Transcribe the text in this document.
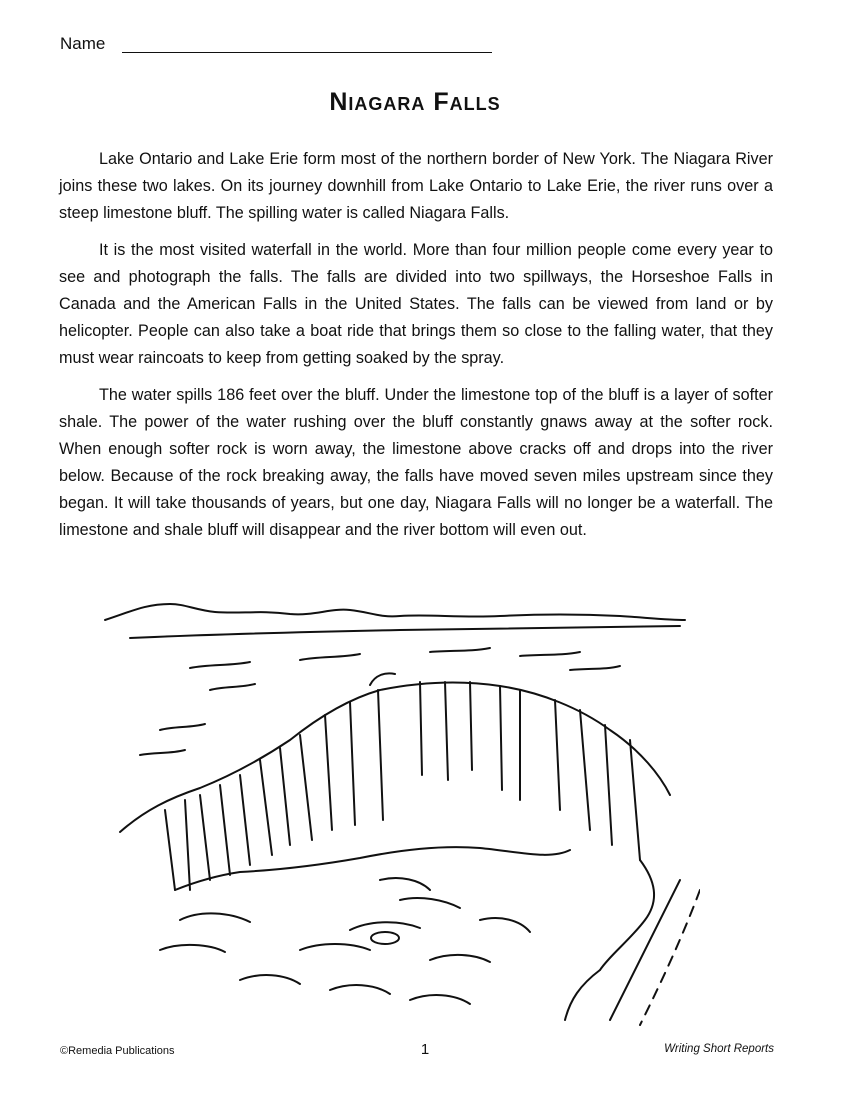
Name
Niagara Falls

Lake Ontario and Lake Erie form most of the northern border of New York. The Niagara River joins these two lakes. On its journey downhill from Lake Ontario to Lake Erie, the river runs over a steep limestone bluff. The spilling water is called Niagara Falls.

It is the most visited waterfall in the world. More than four million people come every year to see and photograph the falls. The falls are divided into two spillways, the Horseshoe Falls in Canada and the American Falls in the United States. The falls can be viewed from land or by helicopter. People can also take a boat ride that brings them so close to the falling water, that they must wear raincoats to keep from getting soaked by the spray.

The water spills 186 feet over the bluff. Under the limestone top of the bluff is a layer of softer shale. The power of the water rushing over the bluff constantly gnaws away at the softer rock. When enough softer rock is worn away, the limestone above cracks off and drops into the river below. Because of the rock breaking away, the falls have moved seven miles upstream since they began. It will take thousands of years, but one day, Niagara Falls will no longer be a waterfall. The limestone and shale bluff will disappear and the river bottom will even out.

©Remedia Publications	1	Writing Short Reports
